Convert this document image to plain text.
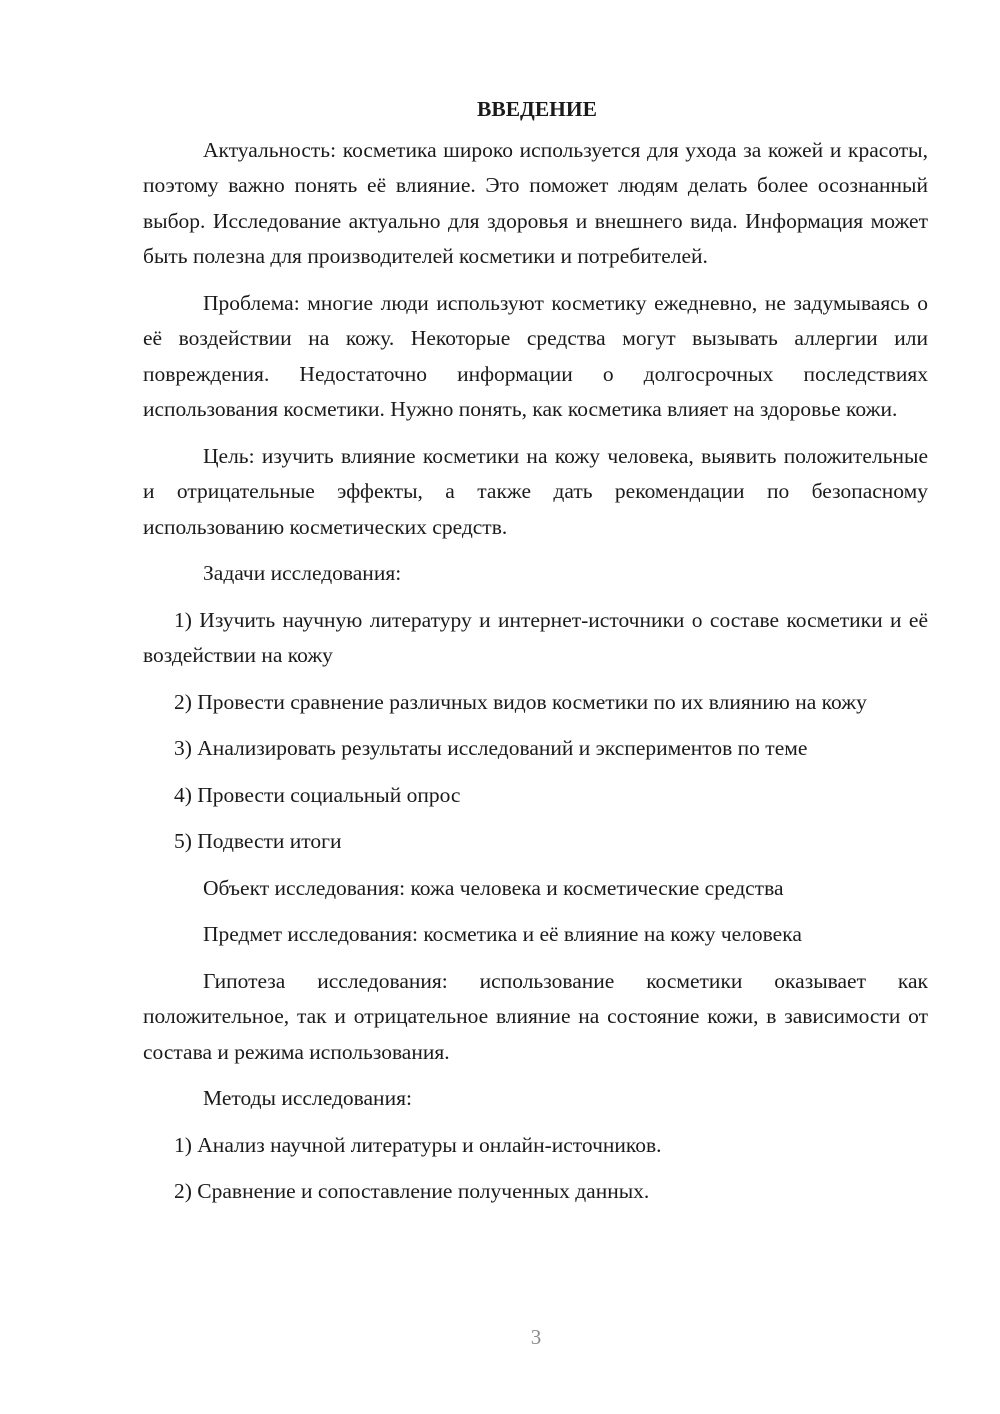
ВВЕДЕНИЕ

Актуальность: косметика широко используется для ухода за кожей и красоты, поэтому важно понять её влияние. Это поможет людям делать более осознанный выбор. Исследование актуально для здоровья и внешнего вида. Информация может быть полезна для производителей косметики и потребителей.

Проблема: многие люди используют косметику ежедневно, не задумываясь о её воздействии на кожу. Некоторые средства могут вызывать аллергии или повреждения. Недостаточно информации о долгосрочных последствиях использования косметики. Нужно понять, как косметика влияет на здоровье кожи.

Цель: изучить влияние косметики на кожу человека, выявить положительные и отрицательные эффекты, а также дать рекомендации по безопасному использованию косметических средств.

Задачи исследования:

1) Изучить научную литературу и интернет-источники о составе косметики и её воздействии на кожу

2) Провести сравнение различных видов косметики по их влиянию на кожу

3) Анализировать результаты исследований и экспериментов по теме
4) Провести социальный опрос
5) Подвести итоги
Объект исследования: кожа человека и косметические средства
Предмет исследования: косметика и её влияние на кожу человека

Гипотеза исследования: использование косметики оказывает как положительное, так и отрицательное влияние на состояние кожи, в зависимости от состава и режима использования.

Методы исследования:
1) Анализ научной литературы и онлайн-источников.
2) Сравнение и сопоставление полученных данных.
3
